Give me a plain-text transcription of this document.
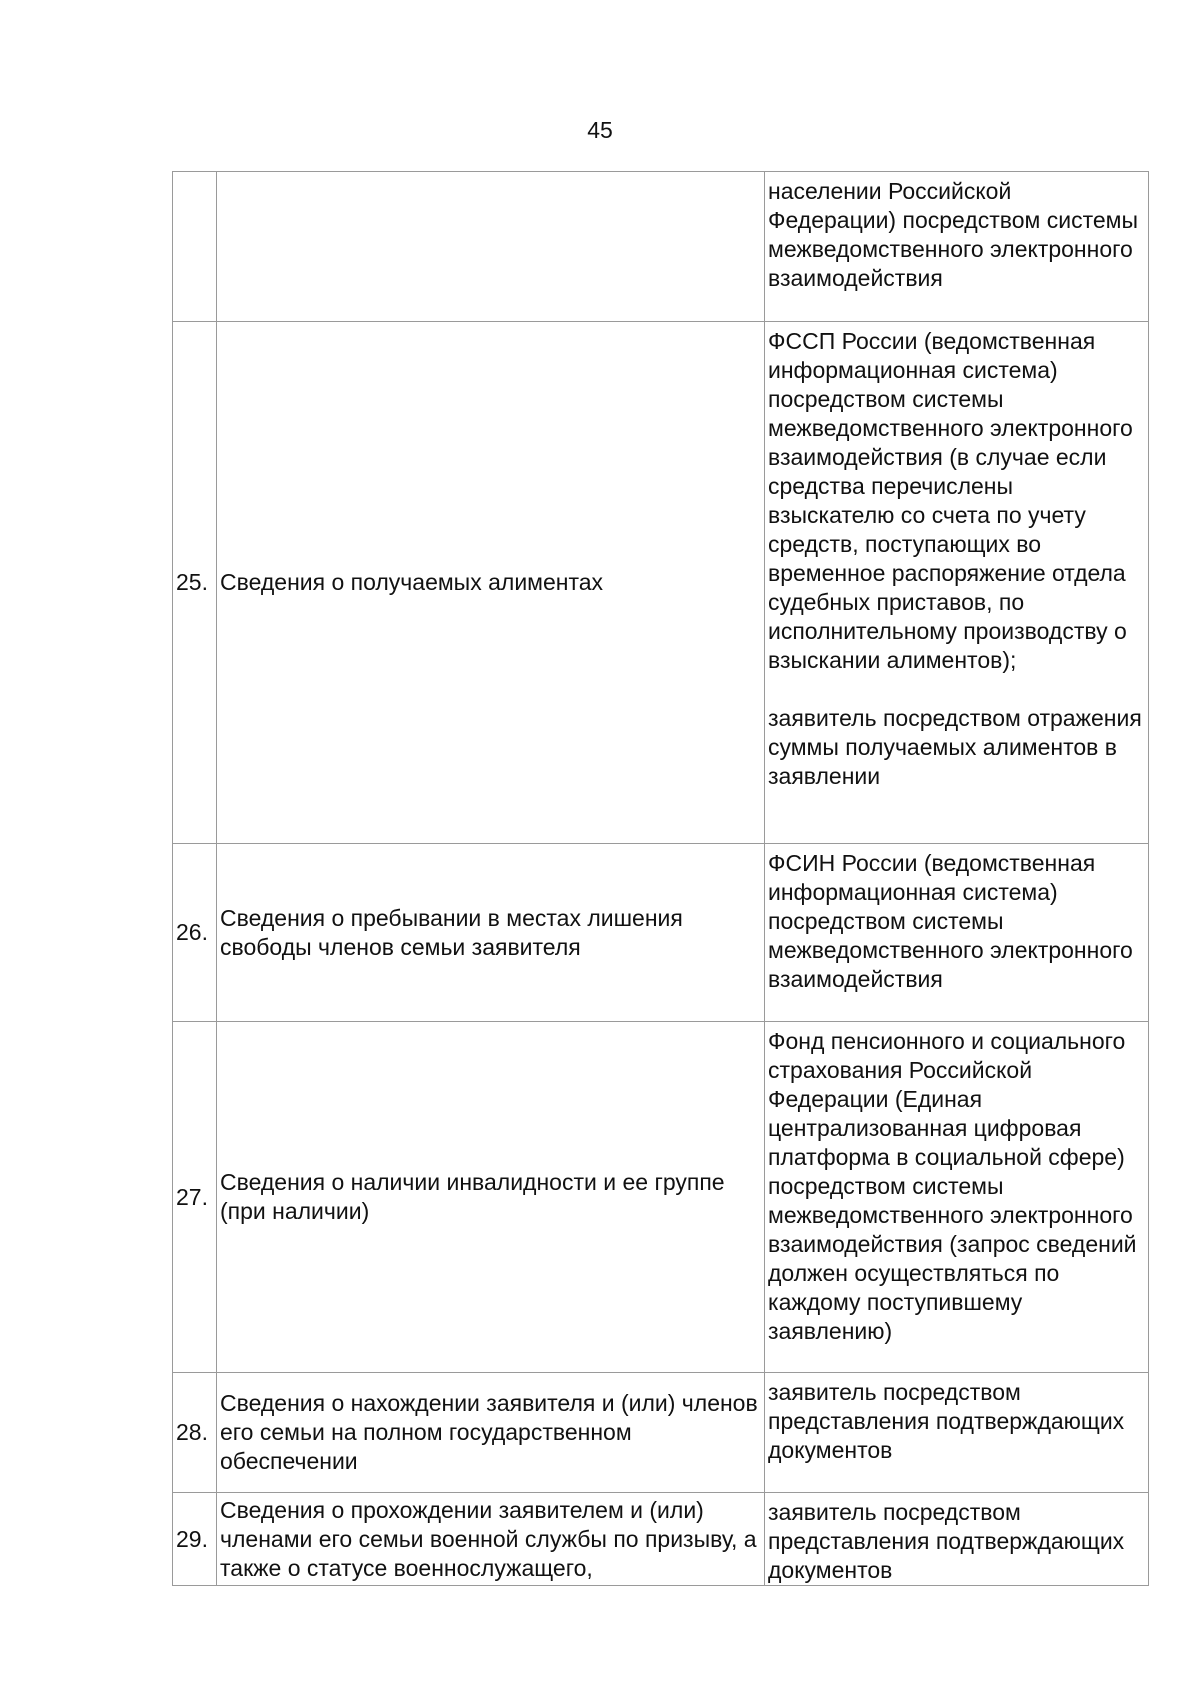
45

		населении Российской Федерации) посредством системы межведомственного электронного взаимодействия

25.	Сведения о получаемых алиментах	ФССП России (ведомственная информационная система) посредством системы межведомственного электронного взаимодействия (в случае если средства перечислены взыскателю со счета по учету средств, поступающих во временное распоряжение отдела судебных приставов, по исполнительному производству о взыскании алиментов);
заявитель посредством отражения суммы получаемых алиментов в заявлении

26.	Сведения о пребывании в местах лишения свободы членов семьи заявителя	ФСИН России (ведомственная информационная система) посредством системы межведомственного электронного взаимодействия

27.	Сведения о наличии инвалидности и ее группе (при наличии)	Фонд пенсионного и социального страхования Российской Федерации (Единая централизованная цифровая платформа в социальной сфере) посредством системы межведомственного электронного взаимодействия (запрос сведений должен осуществляться по каждому поступившему заявлению)

28.	Сведения о нахождении заявителя и (или) членов его семьи на полном государственном обеспечении	заявитель посредством представления подтверждающих документов

29.	Сведения о прохождении заявителем и (или) членами его семьи военной службы по призыву, а также о статусе военнослужащего,	заявитель посредством представления подтверждающих документов
